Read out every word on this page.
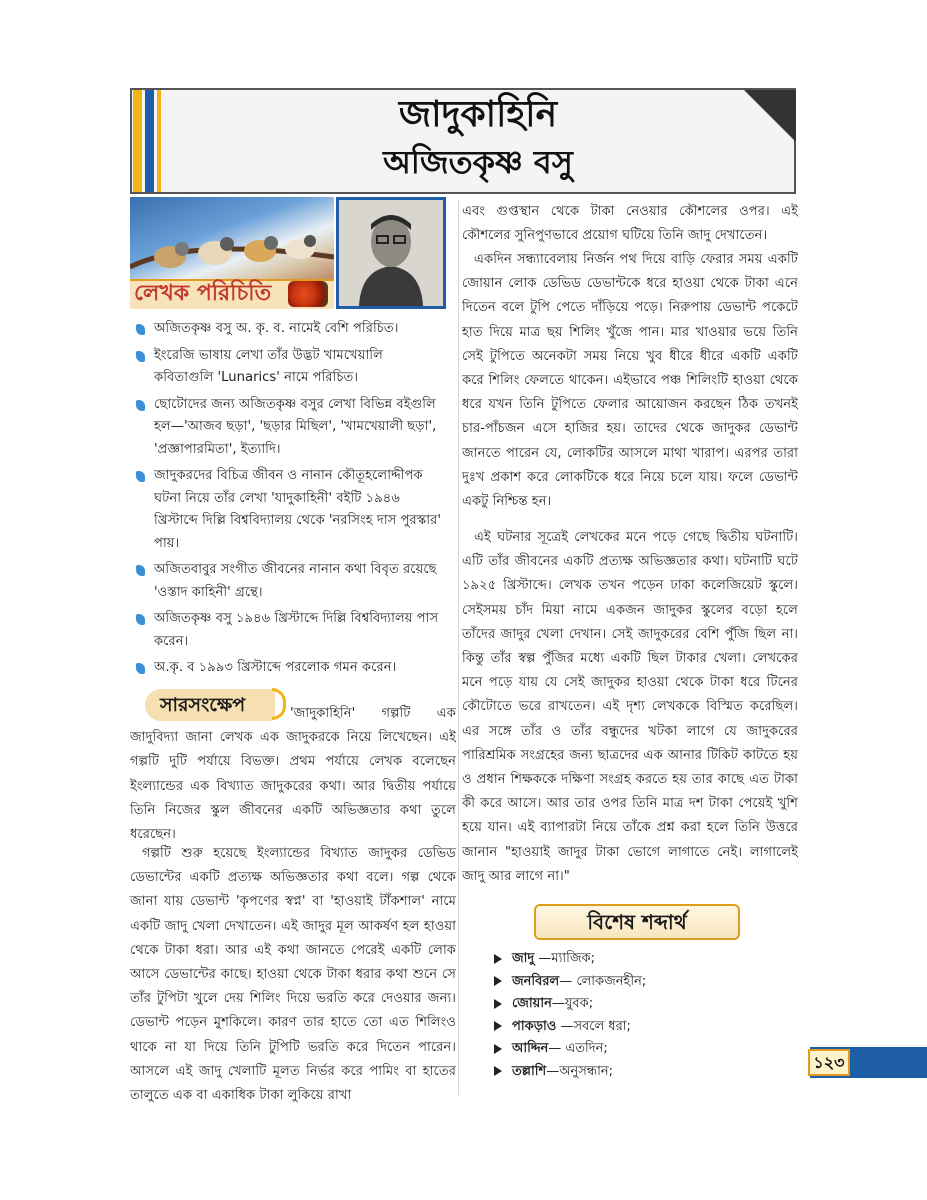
জাদুকাহিনি
অজিতকৃষ্ণ বসু
লেখক পরিচিতি
অজিতকৃষ্ণ বসু অ. কৃ. ব. নামেই বেশি পরিচিত।
ইংরেজি ভাষায় লেখা তাঁর উদ্ভট খামখেয়ালি কবিতাগুলি 'Lunarics' নামে পরিচিত।
ছোটোদের জন্য অজিতকৃষ্ণ বসুর লেখা বিভিন্ন বইগুলি হল—'আজব ছড়া', 'ছড়ার মিছিল', 'খামখেয়ালী ছড়া', 'প্রজ্ঞাপারমিতা', ইত্যাদি।
জাদুকরদের বিচিত্র জীবন ও নানান কৌতূহলোদ্দীপক ঘটনা নিয়ে তাঁর লেখা 'যাদুকাহিনী' বইটি ১৯৪৬ খ্রিস্টাব্দে দিল্লি বিশ্ববিদ্যালয় থেকে 'নরসিংহ দাস পুরস্কার' পায়।
অজিতবাবুর সংগীত জীবনের নানান কথা বিবৃত রয়েছে 'ওস্তাদ কাহিনী' গ্রন্থে।
অজিতকৃষ্ণ বসু ১৯৪৬ খ্রিস্টাব্দে দিল্লি বিশ্ববিদ্যালয় পাস করেন।
অ.কৃ. ব ১৯৯৩ খ্রিস্টাব্দে পরলোক গমন করেন।
সারসংক্ষেপ	'জাদুকাহিনি' গল্পটি এক জাদুবিদ্যা জানা লেখক এক জাদুকরকে নিয়ে লিখেছেন। এই গল্পটি দুটি পর্যায়ে বিভক্ত। প্রথম পর্যায়ে লেখক বলেছেন ইংল্যান্ডের এক বিখ্যাত জাদুকরের কথা। আর দ্বিতীয় পর্যায়ে তিনি নিজের স্কুল জীবনের একটি অভিজ্ঞতার কথা তুলে ধরেছেন।

গল্পটি শুরু হয়েছে ইংল্যান্ডের বিখ্যাত জাদুকর ডেভিড ডেভান্টের একটি প্রত্যক্ষ অভিজ্ঞতার কথা বলে। গল্প থেকে জানা যায় ডেভান্ট 'কৃপণের স্বপ্ন' বা 'হাওয়াই টাঁকশাল' নামে একটি জাদু খেলা দেখাতেন। এই জাদুর মূল আকর্ষণ হল হাওয়া থেকে টাকা ধরা। আর এই কথা জানতে পেরেই একটি লোক আসে ডেভান্টের কাছে। হাওয়া থেকে টাকা ধরার কথা শুনে সে তাঁর টুপিটা খুলে দেয় শিলিং দিয়ে ভরতি করে দেওয়ার জন্য। ডেভান্ট পড়েন মুশকিলে। কারণ তার হাতে তো এত শিলিংও থাকে না যা দিয়ে তিনি টুপিটি ভরতি করে দিতেন পারেন। আসলে এই জাদু খেলাটি মূলত নির্ভর করে পামিং বা হাতের তালুতে এক বা একাধিক টাকা লুকিয়ে রাখা

এবং গুপ্তস্থান থেকে টাকা নেওয়ার কৌশলের ওপর। এই কৌশলের সুনিপুণভাবে প্রয়োগ ঘটিয়ে তিনি জাদু দেখাতেন।

একদিন সন্ধ্যাবেলায় নির্জন পথ দিয়ে বাড়ি ফেরার সময় একটি জোয়ান লোক ডেভিড ডেভান্টকে ধরে হাওয়া থেকে টাকা এনে দিতেন বলে টুপি পেতে দাঁড়িয়ে পড়ে। নিরুপায় ডেভান্ট পকেটে হাত দিয়ে মাত্র ছয় শিলিং খুঁজে পান। মার খাওয়ার ভয়ে তিনি সেই টুপিতে অনেকটা সময় নিয়ে খুব ধীরে ধীরে একটি একটি করে শিলিং ফেলতে থাকেন। এইভাবে পঞ্চ শিলিংটি হাওয়া থেকে ধরে যখন তিনি টুপিতে ফেলার আয়োজন করছেন ঠিক তখনই চার-পাঁচজন এসে হাজির হয়। তাদের থেকে জাদুকর ডেভান্ট জানতে পারেন যে, লোকটির আসলে মাথা খারাপ। এরপর তারা দুঃখ প্রকাশ করে লোকটিকে ধরে নিয়ে চলে যায়। ফলে ডেভান্ট একটু নিশ্চিন্ত হন।

এই ঘটনার সূত্রেই লেখকের মনে পড়ে গেছে দ্বিতীয় ঘটনাটি। এটি তাঁর জীবনের একটি প্রত্যক্ষ অভিজ্ঞতার কথা। ঘটনাটি ঘটে ১৯২৫ খ্রিস্টাব্দে। লেখক তখন পড়েন ঢাকা কলেজিয়েট স্কুলে। সেইসময় চাঁদ মিয়া নামে একজন জাদুকর স্কুলের বড়ো হলে তাঁদের জাদুর খেলা দেখান। সেই জাদুকরের বেশি পুঁজি ছিল না। কিন্তু তাঁর স্বল্প পুঁজির মধ্যে একটি ছিল টাকার খেলা। লেখকের মনে পড়ে যায় যে সেই জাদুকর হাওয়া থেকে টাকা ধরে টিনের কৌটোতে ভরে রাখতেন। এই দৃশ্য লেখককে বিস্মিত করেছিল। এর সঙ্গে তাঁর ও তাঁর বন্ধুদের খটকা লাগে যে জাদুকরের পারিশ্রমিক সংগ্রহের জন্য ছাত্রদের এক আনার টিকিট কাটতে হয় ও প্রধান শিক্ষককে দক্ষিণা সংগ্রহ করতে হয় তার কাছে এত টাকা কী করে আসে। আর তার ওপর তিনি মাত্র দশ টাকা পেয়েই খুশি হয়ে যান। এই ব্যাপারটা নিয়ে তাঁকে প্রশ্ন করা হলে তিনি উত্তরে জানান "হাওয়াই জাদুর টাকা ভোগে লাগাতে নেই। লাগালেই জাদু আর লাগে না।"

বিশেষ শব্দার্থ
জাদু —ম্যাজিক;
জনবিরল— লোকজনহীন;
জোয়ান—যুবক;
পাকড়াও —সবলে ধরা;
আদ্দিন— এতদিন;
তল্লাশি—অনুসন্ধান;	১২৩
